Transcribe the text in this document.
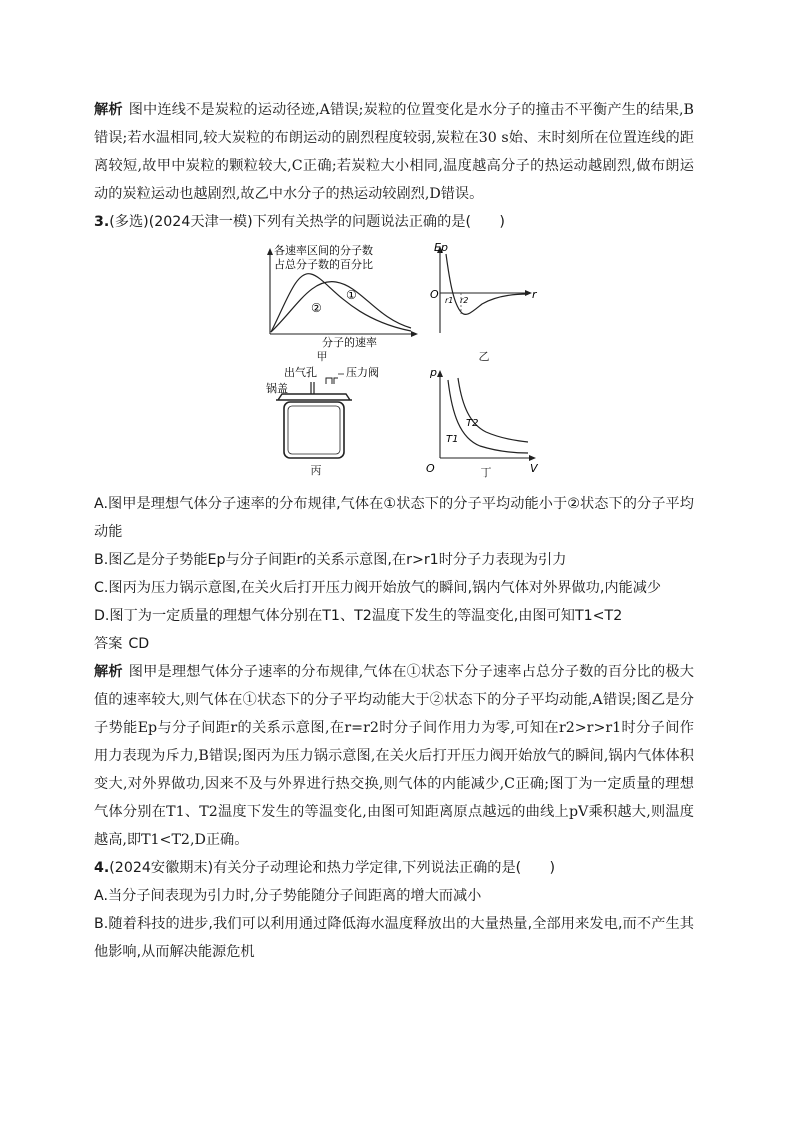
解析 图中连线不是炭粒的运动径迹,A错误;炭粒的位置变化是水分子的撞击不平衡产生的结果,B错误;若水温相同,较大炭粒的布朗运动的剧烈程度较弱,炭粒在30 s始、末时刻所在位置连线的距离较短,故甲中炭粒的颗粒较大,C正确;若炭粒大小相同,温度越高分子的热运动越剧烈,做布朗运动的炭粒运动也越剧烈,故乙中水分子的热运动较剧烈,D错误。

3.(多选)(2024天津一模)下列有关热学的问题说法正确的是(　　)

各速率区间的分子数
占总分子数的百分比
①
②
分子的速率
甲
Ep
r
O r1 r2
乙
出气孔	压力阀
锅盖
丙
p
V
O
T1
T2
丁

A.图甲是理想气体分子速率的分布规律,气体在①状态下的分子平均动能小于②状态下的分子平均动能

B.图乙是分子势能Ep与分子间距r的关系示意图,在r>r1时分子力表现为引力

C.图丙为压力锅示意图,在关火后打开压力阀开始放气的瞬间,锅内气体对外界做功,内能减少

D.图丁为一定质量的理想气体分别在T1、T2温度下发生的等温变化,由图可知T1<T2

答案 CD

解析 图甲是理想气体分子速率的分布规律,气体在①状态下分子速率占总分子数的百分比的极大值的速率较大,则气体在①状态下的分子平均动能大于②状态下的分子平均动能,A错误;图乙是分子势能Ep与分子间距r的关系示意图,在r=r2时分子间作用力为零,可知在r2>r>r1时分子间作用力表现为斥力,B错误;图丙为压力锅示意图,在关火后打开压力阀开始放气的瞬间,锅内气体体积变大,对外界做功,因来不及与外界进行热交换,则气体的内能减少,C正确;图丁为一定质量的理想气体分别在T1、T2温度下发生的等温变化,由图可知距离原点越远的曲线上pV乘积越大,则温度越高,即T1<T2,D正确。

4.(2024安徽期末)有关分子动理论和热力学定律,下列说法正确的是(　　)

A.当分子间表现为引力时,分子势能随分子间距离的增大而减小

B.随着科技的进步,我们可以利用通过降低海水温度释放出的大量热量,全部用来发电,而不产生其他影响,从而解决能源危机
